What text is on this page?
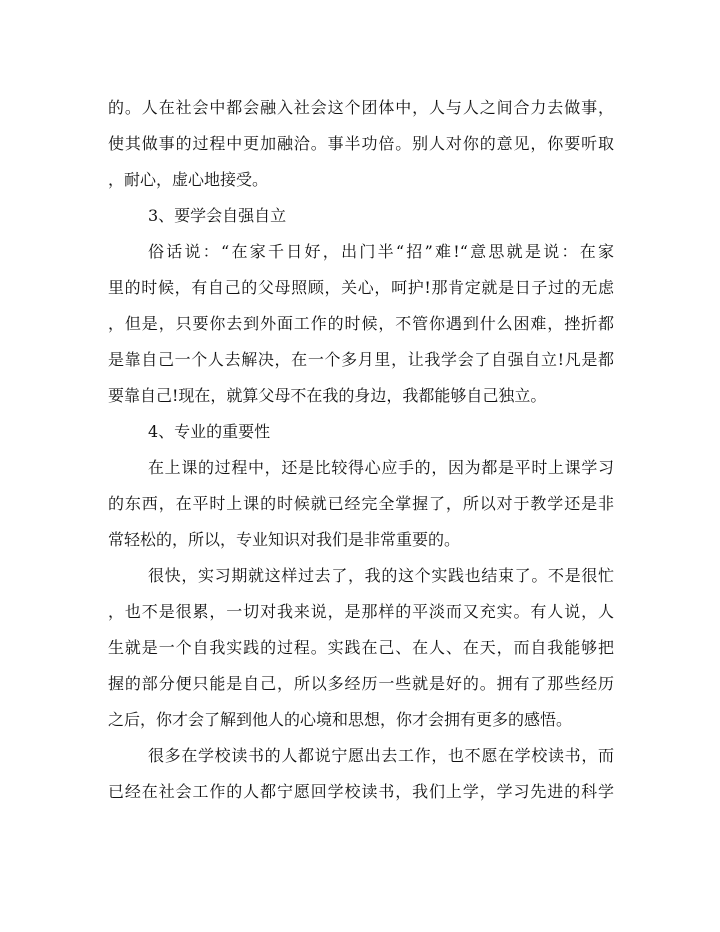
的。人在社会中都会融入社会这个团体中，人与人之间合力去做事，
使其做事的过程中更加融洽。事半功倍。别人对你的意见，你要听取
，耐心，虚心地接受。
3、要学会自强自立
俗话说：“在家千日好，出门半“招”难!“意思就是说：在家
里的时候，有自己的父母照顾，关心，呵护!那肯定就是日子过的无虑
，但是，只要你去到外面工作的时候，不管你遇到什么困难，挫折都
是靠自己一个人去解决，在一个多月里，让我学会了自强自立!凡是都
要靠自己!现在，就算父母不在我的身边，我都能够自己独立。
4、专业的重要性
在上课的过程中，还是比较得心应手的，因为都是平时上课学习
的东西，在平时上课的时候就已经完全掌握了，所以对于教学还是非
常轻松的，所以，专业知识对我们是非常重要的。
很快，实习期就这样过去了，我的这个实践也结束了。不是很忙
，也不是很累，一切对我来说，是那样的平淡而又充实。有人说，人
生就是一个自我实践的过程。实践在己、在人、在天，而自我能够把
握的部分便只能是自己，所以多经历一些就是好的。拥有了那些经历
之后，你才会了解到他人的心境和思想，你才会拥有更多的感悟。
很多在学校读书的人都说宁愿出去工作，也不愿在学校读书，而
已经在社会工作的人都宁愿回学校读书，我们上学，学习先进的科学
